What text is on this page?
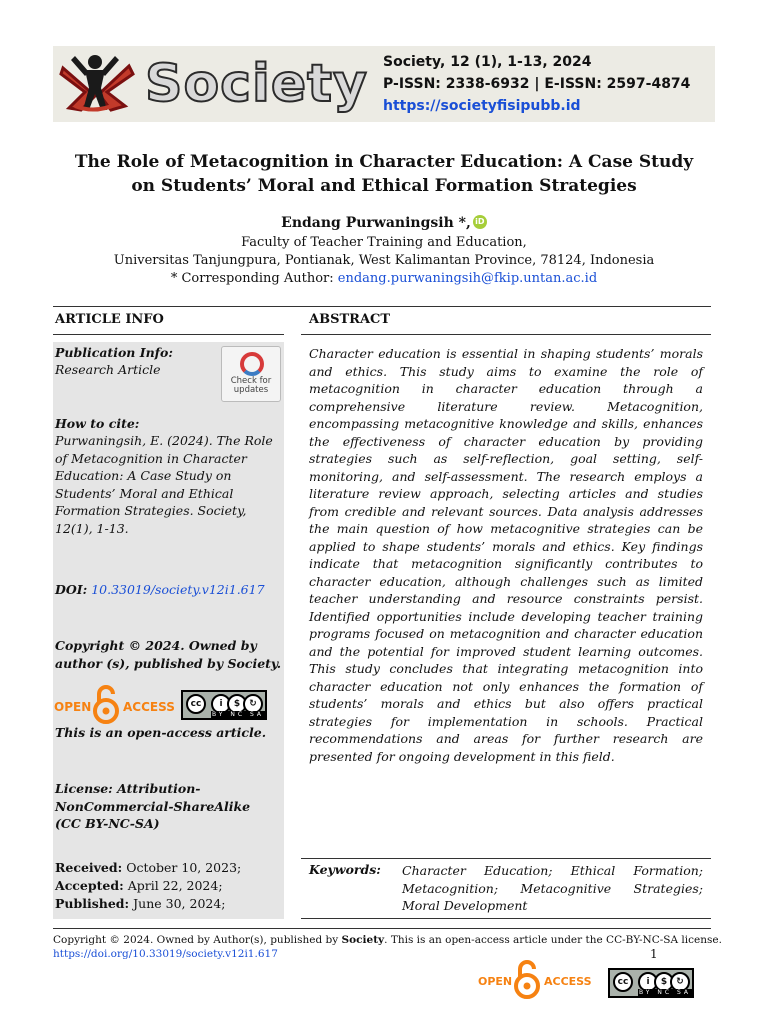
Society Society, 12 (1), 1-13, 2024
P-ISSN: 2338-6932 | E-ISSN: 2597-4874
https://societyfisipubb.id
The Role of Metacognition in Character Education: A Case Study
on Students’ Moral and Ethical Formation Strategies
Endang Purwaningsih *, iD
Faculty of Teacher Training and Education,
Universitas Tanjungpura, Pontianak, West Kalimantan Province, 78124, Indonesia
* Corresponding Author: endang.purwaningsih@fkip.untan.ac.id
ARTICLE INFO	ABSTRACT
Publication Info:
Research Article
Check for updates
How to cite:
Purwaningsih, E. (2024). The Role
of Metacognition in Character
Education: A Case Study on
Students’ Moral and Ethical
Formation Strategies. Society,
12(1), 1-13.
DOI: 10.33019/society.v12i1.617
Copyright © 2024. Owned by
author (s), published by Society.
OPEN	ACCESS	cc	i	$	↻
BY NC SA
This is an open-access article.
License: Attribution-
NonCommercial-ShareAlike
(CC BY-NC-SA)
Received: October 10, 2023;
Accepted: April 22, 2024;
Published: June 30, 2024;
Character education is essential in shaping students’ morals and ethics. This study aims to examine the role of metacognition in character education through a comprehensive literature review. Metacognition, encompassing metacognitive knowledge and skills, enhances the effectiveness of character education by providing strategies such as self-reflection, goal setting, self-monitoring, and self-assessment. The research employs a literature review approach, selecting articles and studies from credible and relevant sources. Data analysis addresses the main question of how metacognitive strategies can be applied to shape students’ morals and ethics. Key findings indicate that metacognition significantly contributes to character education, although challenges such as limited teacher understanding and resource constraints persist. Identified opportunities include developing teacher training programs focused on metacognition and character education and the potential for improved student learning outcomes. This study concludes that integrating metacognition into character education not only enhances the formation of students’ morals and ethics but also offers practical strategies for implementation in schools. Practical recommendations and areas for further research are presented for ongoing development in this field.
Keywords: Character Education; Ethical Formation; Metacognition; Metacognitive Strategies; Moral Development
Copyright © 2024. Owned by Author(s), published by Society. This is an open-access article under the CC-BY-NC-SA license.
https://doi.org/10.33019/society.v12i1.617	1
OPEN	ACCESS	cc	i	$	↻
BY NC SA
